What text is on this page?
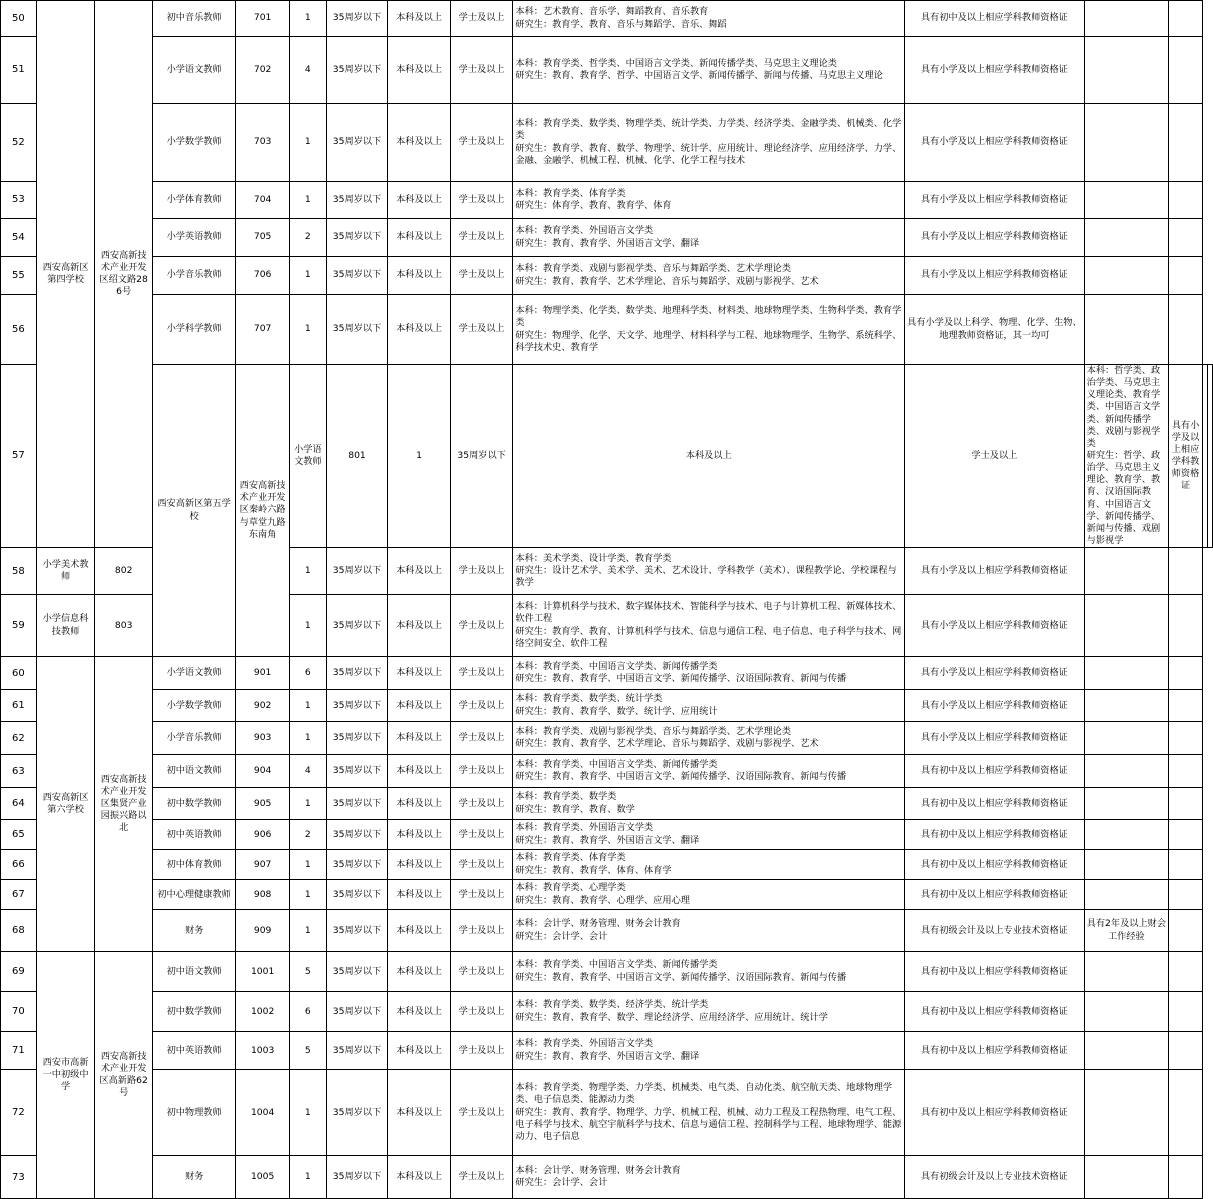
50	西安高新区第四学校	西安高新技术产业开发区绍文路286号	初中音乐教师	701	1	35周岁以下	本科及以上	学士及以上	本科：艺术教育、音乐学、舞蹈教育、音乐教育
研究生：教育学、教育、音乐与舞蹈学、音乐、舞蹈	具有初中及以上相应学科教师资格证				
51			小学语文教师	702	4	35周岁以下	本科及以上	学士及以上	本科：教育学类、哲学类、中国语言文学类、新闻传播学类、马克思主义理论类
研究生：教育、教育学、哲学、中国语言文学、新闻传播学、新闻与传播、马克思主义理论	具有小学及以上相应学科教师资格证				
52			小学数学教师	703	1	35周岁以下	本科及以上	学士及以上	本科：教育学类、数学类、物理学类、统计学类、力学类、经济学类、金融学类、机械类、化学类
研究生：教育学、教育、数学、物理学、统计学、应用统计、理论经济学、应用经济学、力学、金融、金融学、机械工程、机械、化学、化学工程与技术	具有小学及以上相应学科教师资格证				
53			小学体育教师	704	1	35周岁以下	本科及以上	学士及以上	本科：教育学类、体育学类
研究生：体育学、教育、教育学、体育	具有小学及以上相应学科教师资格证				
54			小学英语教师	705	2	35周岁以下	本科及以上	学士及以上	本科：教育学类、外国语言文学类
研究生：教育、教育学、外国语言文学、翻译	具有小学及以上相应学科教师资格证				
55			小学音乐教师	706	1	35周岁以下	本科及以上	学士及以上	本科：教育学类、戏剧与影视学类、音乐与舞蹈学类、艺术学理论类
研究生：教育、教育学、艺术学理论、音乐与舞蹈学、戏剧与影视学、艺术	具有小学及以上相应学科教师资格证				
56			小学科学教师	707	1	35周岁以下	本科及以上	学士及以上	本科：物理学类、化学类、数学类、地理科学类、材料类、地球物理学类、生物科学类、教育学类
研究生：物理学、化学、天文学、地理学、材料科学与工程、地球物理学、生物学、系统科学、科学技术史、教育学	具有小学及以上科学、物理、化学、生物、地理教师资格证，其一均可				
57			西安高新区第五学校	西安高新技术产业开发区秦岭六路与草堂九路东南角	小学语文教师	801	1	35周岁以下	本科及以上	学士及以上	本科：哲学类、政治学类、马克思主义理论类、教育学类、中国语言文学类、新闻传播学类、戏剧与影视学类
研究生：哲学、政治学、马克思主义理论、教育学、教育、汉语国际教育、中国语言文学、新闻传播学、新闻与传播、戏剧与影视学	具有小学及以上相应学科教师资格证		
58	小学美术教师	802			1	35周岁以下	本科及以上	学士及以上	本科：美术学类、设计学类、教育学类
研究生：设计艺术学、美术学、美术、艺术设计、学科教学（美术）、课程教学论、学校课程与教学	具有小学及以上相应学科教师资格证				
59	小学信息科技教师	803			1	35周岁以下	本科及以上	学士及以上	本科：计算机科学与技术、数字媒体技术、智能科学与技术、电子与计算机工程、新媒体技术、软件工程
研究生：教育学、教育、计算机科学与技术、信息与通信工程、电子信息、电子科学与技术、网络空间安全、软件工程	具有小学及以上相应学科教师资格证				
60	西安高新区第六学校	西安高新技术产业开发区集贤产业园振兴路以北	小学语文教师	901	6	35周岁以下	本科及以上	学士及以上	本科：教育学类、中国语言文学类、新闻传播学类
研究生：教育、教育学、中国语言文学、新闻传播学、汉语国际教育、新闻与传播	具有小学及以上相应学科教师资格证				
61			小学数学教师	902	1	35周岁以下	本科及以上	学士及以上	本科：教育学类、数学类、统计学类
研究生：教育、教育学、数学、统计学、应用统计	具有小学及以上相应学科教师资格证				
62			小学音乐教师	903	1	35周岁以下	本科及以上	学士及以上	本科：教育学类、戏剧与影视学类、音乐与舞蹈学类、艺术学理论类
研究生：教育、教育学、艺术学理论、音乐与舞蹈学、戏剧与影视学、艺术	具有小学及以上相应学科教师资格证				
63			初中语文教师	904	4	35周岁以下	本科及以上	学士及以上	本科：教育学类、中国语言文学类、新闻传播学类
研究生：教育、教育学、中国语言文学、新闻传播学、汉语国际教育、新闻与传播	具有初中及以上相应学科教师资格证				
64			初中数学教师	905	1	35周岁以下	本科及以上	学士及以上	本科：教育学类、数学类
研究生：教育学、教育、数学	具有初中及以上相应学科教师资格证				
65			初中英语教师	906	2	35周岁以下	本科及以上	学士及以上	本科：教育学类、外国语言文学类
研究生：教育、教育学、外国语言文学、翻译	具有初中及以上相应学科教师资格证				
66			初中体育教师	907	1	35周岁以下	本科及以上	学士及以上	本科：教育学类、体育学类
研究生：教育、教育学、体育、体育学	具有初中及以上相应学科教师资格证				
67			初中心理健康教师	908	1	35周岁以下	本科及以上	学士及以上	本科：教育学类、心理学类
研究生：教育、教育学、心理学、应用心理	具有初中及以上相应学科教师资格证				
68			财务	909	1	35周岁以下	本科及以上	学士及以上	本科：会计学、财务管理、财务会计教育
研究生：会计学、会计	具有初级会计及以上专业技术资格证	具有2年及以上财会工作经验			
69	西安市高新一中初级中学	西安高新技术产业开发区高新路62号	初中语文教师	1001	5	35周岁以下	本科及以上	学士及以上	本科：教育学类、中国语言文学类、新闻传播学类
研究生：教育、教育学、中国语言文学、新闻传播学、汉语国际教育、新闻与传播	具有初中及以上相应学科教师资格证				
70			初中数学教师	1002	6	35周岁以下	本科及以上	学士及以上	本科：教育学类、数学类、经济学类、统计学类
研究生：教育、教育学、数学、理论经济学、应用经济学、应用统计、统计学	具有初中及以上相应学科教师资格证				
71			初中英语教师	1003	5	35周岁以下	本科及以上	学士及以上	本科：教育学类、外国语言文学类
研究生：教育、教育学、外国语言文学、翻译	具有初中及以上相应学科教师资格证				
72			初中物理教师	1004	1	35周岁以下	本科及以上	学士及以上	本科：教育学类、物理学类、力学类、机械类、电气类、自动化类、航空航天类、地球物理学类、电子信息类、能源动力类
研究生：教育、教育学、物理学、力学、机械工程、机械、动力工程及工程热物理、电气工程、电子科学与技术、航空宇航科学与技术、信息与通信工程、控制科学与工程、地球物理学、能源动力、电子信息	具有初中及以上相应学科教师资格证				
73			财务	1005	1	35周岁以下	本科及以上	学士及以上	本科：会计学、财务管理、财务会计教育
研究生：会计学、会计	具有初级会计及以上专业技术资格证				
